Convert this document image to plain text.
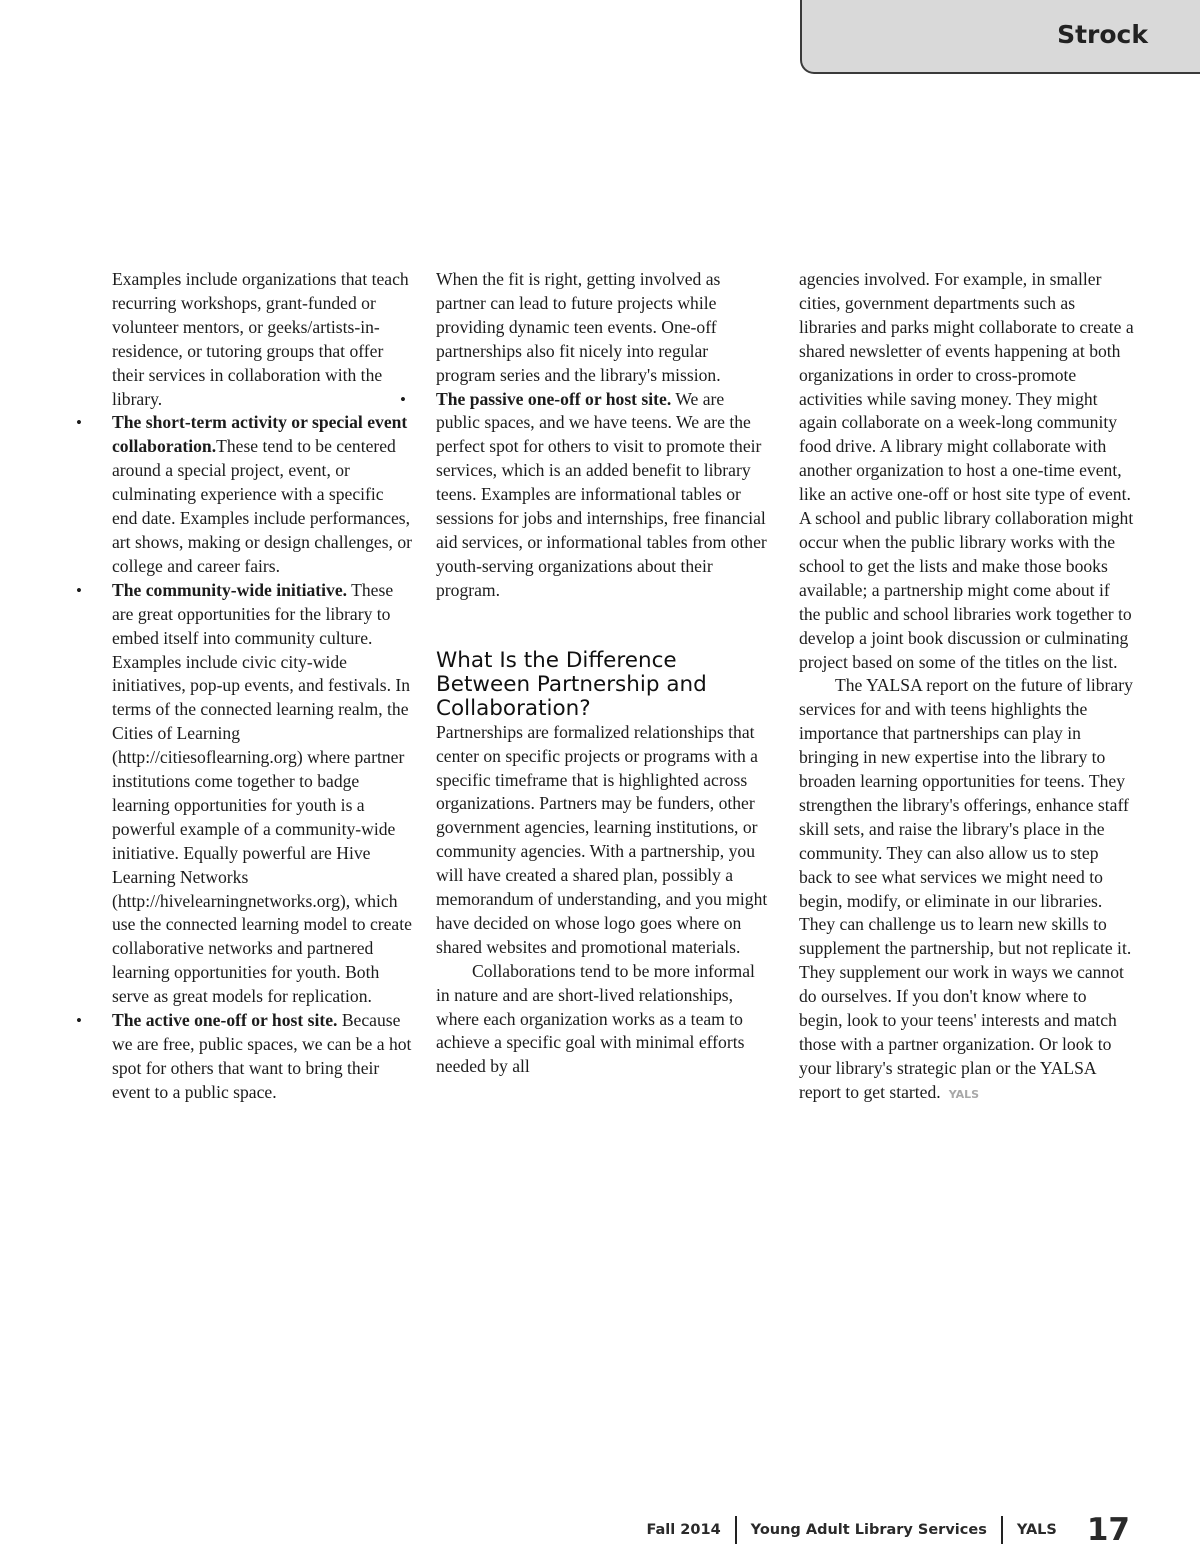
Strock

Examples include organizations that teach recurring workshops, grant-funded or volunteer mentors, or geeks/artists-in-residence, or tutoring groups that offer their services in collaboration with the library.

• The short-term activity or special event collaboration.These tend to be centered around a special project, event, or culminating experience with a specific end date. Examples include performances, art shows, making or design challenges, or college and career fairs.
• The community-wide initiative. These are great opportunities for the library to embed itself into community culture. Examples include civic city-wide initiatives, pop-up events, and festivals. In terms of the connected learning realm, the Cities of Learning (http://citiesoflearning.org) where partner institutions come together to badge learning opportunities for youth is a powerful example of a community-wide initiative. Equally powerful are Hive Learning Networks (http://hivelearningnetworks.org), which use the connected learning model to create collaborative networks and partnered learning opportunities for youth. Both serve as great models for replication.
• The active one-off or host site. Because we are free, public spaces, we can be a hot spot for others that want to bring their event to a public space.

When the fit is right, getting involved as partner can lead to future projects while providing dynamic teen events. One-off partnerships also fit nicely into regular program series and the library's mission.

• The passive one-off or host site. We are public spaces, and we have teens. We are the perfect spot for others to visit to promote their services, which is an added benefit to library teens. Examples are informational tables or sessions for jobs and internships, free financial aid services, or informational tables from other youth-serving organizations about their program.
What Is the Difference Between Partnership and Collaboration?

Partnerships are formalized relationships that center on specific projects or programs with a specific timeframe that is highlighted across organizations. Partners may be funders, other government agencies, learning institutions, or community agencies. With a partnership, you will have created a shared plan, possibly a memorandum of understanding, and you might have decided on whose logo goes where on shared websites and promotional materials.

Collaborations tend to be more informal in nature and are short-lived relationships, where each organization works as a team to achieve a specific goal with minimal efforts needed by all

agencies involved. For example, in smaller cities, government departments such as libraries and parks might collaborate to create a shared newsletter of events happening at both organizations in order to cross-promote activities while saving money. They might again collaborate on a week-long community food drive. A library might collaborate with another organization to host a one-time event, like an active one-off or host site type of event. A school and public library collaboration might occur when the public library works with the school to get the lists and make those books available; a partnership might come about if the public and school libraries work together to develop a joint book discussion or culminating project based on some of the titles on the list.

The YALSA report on the future of library services for and with teens highlights the importance that partnerships can play in bringing in new expertise into the library to broaden learning opportunities for teens. They strengthen the library's offerings, enhance staff skill sets, and raise the library's place in the community. They can also allow us to step back to see what services we might need to begin, modify, or eliminate in our libraries. They can challenge us to learn new skills to supplement the partnership, but not replicate it. They supplement our work in ways we cannot do ourselves. If you don't know where to begin, look to your teens' interests and match those with a partner organization. Or look to your library's strategic plan or the YALSA report to get started. YALS

Fall 2014 Young Adult Library Services YALS 17
